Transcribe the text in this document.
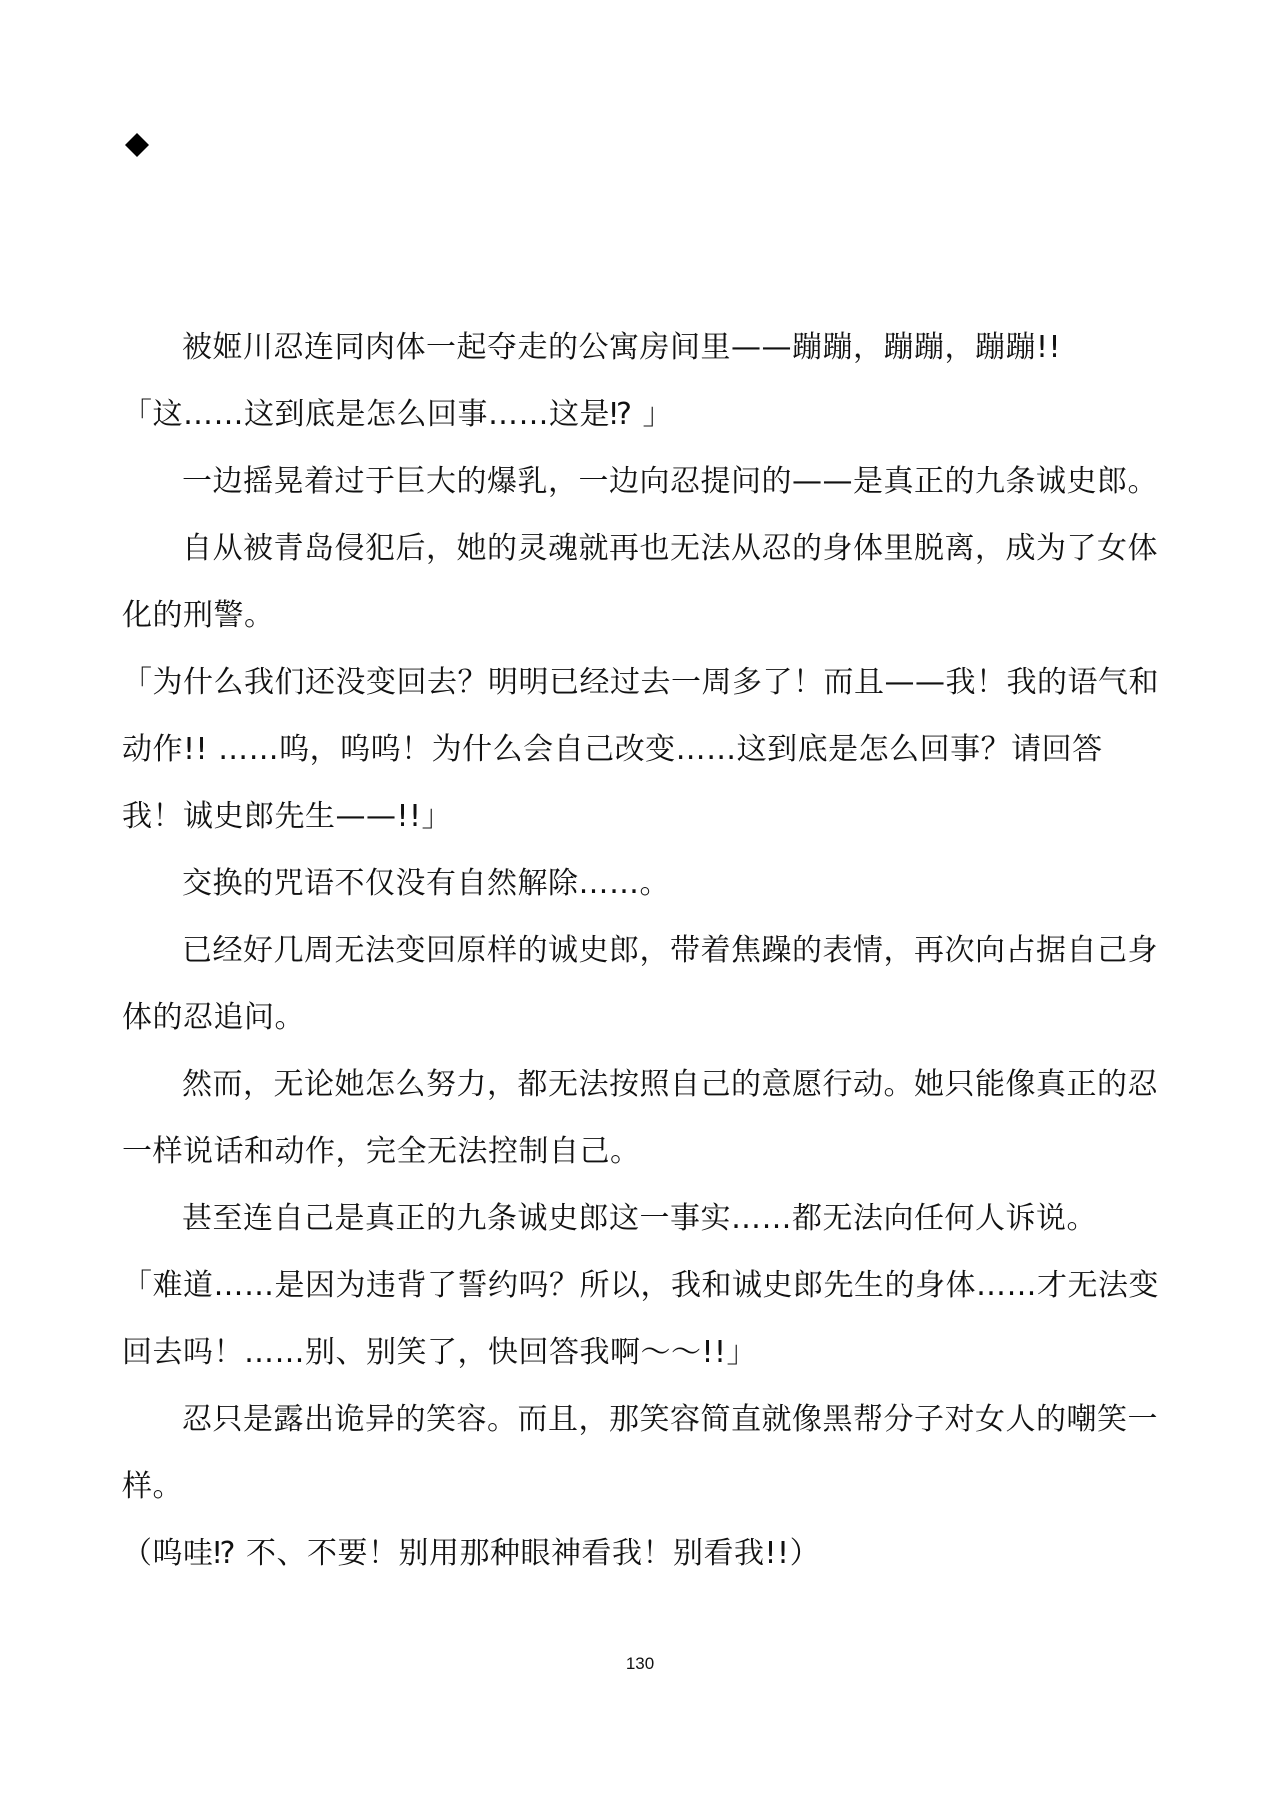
被姬川忍连同肉体一起夺走的公寓房间里——蹦蹦，蹦蹦，蹦蹦!!

「这……这到底是怎么回事……这是⁉ 」

一边摇晃着过于巨大的爆乳，一边向忍提问的——是真正的九条诚史郎。

自从被青岛侵犯后，她的灵魂就再也无法从忍的身体里脱离，成为了女体化的刑警。

「为什么我们还没变回去？明明已经过去一周多了！而且——我！我的语气和动作!! ……呜，呜呜！为什么会自己改变……这到底是怎么回事？请回答我！诚史郎先生——!!」

交换的咒语不仅没有自然解除……。

已经好几周无法变回原样的诚史郎，带着焦躁的表情，再次向占据自己身体的忍追问。

然而，无论她怎么努力，都无法按照自己的意愿行动。她只能像真正的忍一样说话和动作，完全无法控制自己。

甚至连自己是真正的九条诚史郎这一事实……都无法向任何人诉说。

「难道……是因为违背了誓约吗？所以，我和诚史郎先生的身体……才无法变回去吗！……别、别笑了，快回答我啊～～!!」

忍只是露出诡异的笑容。而且，那笑容简直就像黑帮分子对女人的嘲笑一样。

（呜哇⁉ 不、不要！别用那种眼神看我！别看我!!）

130
